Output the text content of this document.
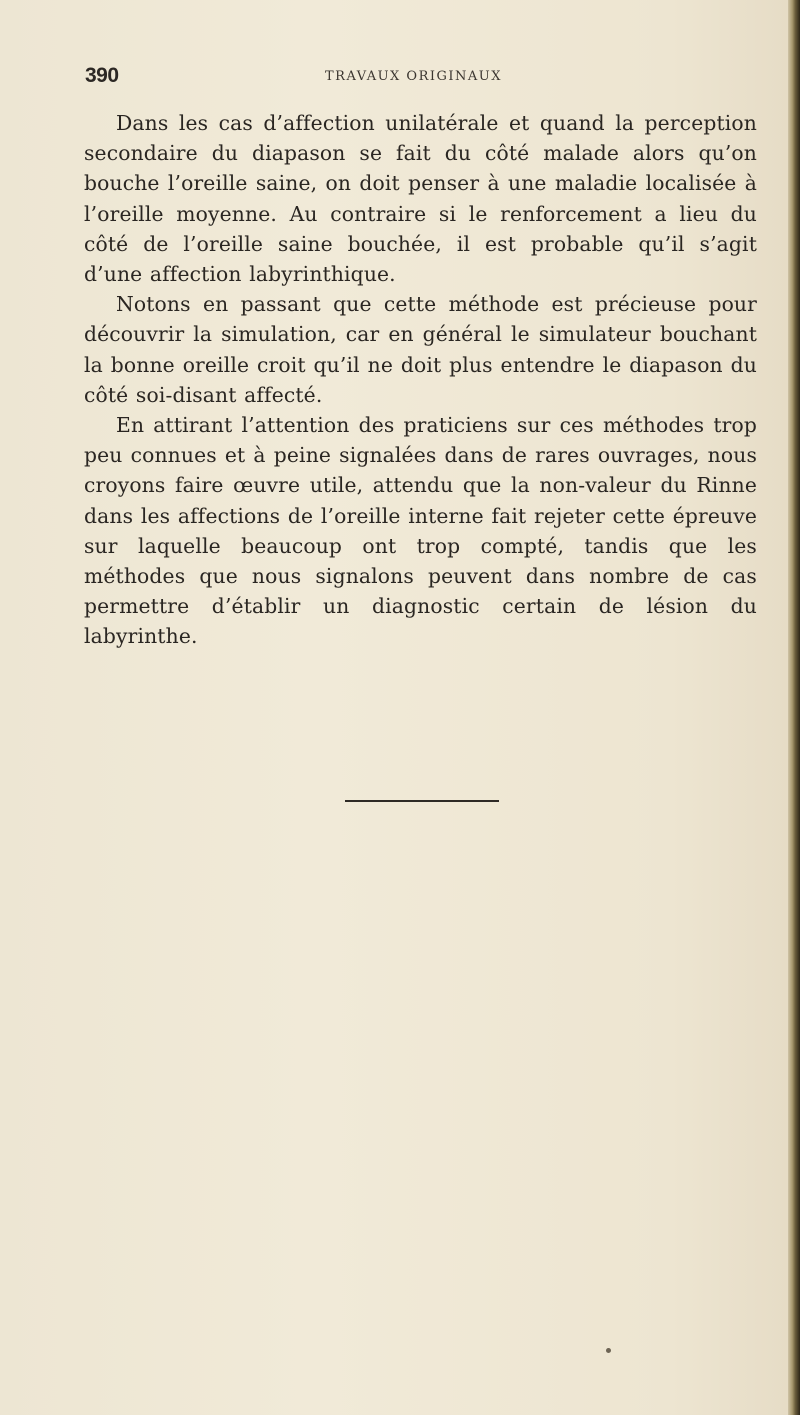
390	TRAVAUX ORIGINAUX

Dans les cas d’affection unilatérale et quand la perception secondaire du diapason se fait du côté malade alors qu’on bouche l’oreille saine, on doit penser à une maladie localisée à l’oreille moyenne. Au contraire si le renforcement a lieu du côté de l’oreille saine bouchée, il est probable qu’il s’agit d’une affection labyrinthique.

Notons en passant que cette méthode est précieuse pour découvrir la simulation, car en général le simulateur bouchant la bonne oreille croit qu’il ne doit plus entendre le diapason du côté soi-disant affecté.

En attirant l’attention des praticiens sur ces méthodes trop peu connues et à peine signalées dans de rares ouvrages, nous croyons faire œuvre utile, attendu que la non-valeur du Rinne dans les affections de l’oreille interne fait rejeter cette épreuve sur laquelle beaucoup ont trop compté, tandis que les méthodes que nous signalons peuvent dans nombre de cas permettre d’établir un diagnostic certain de lésion du labyrinthe.
